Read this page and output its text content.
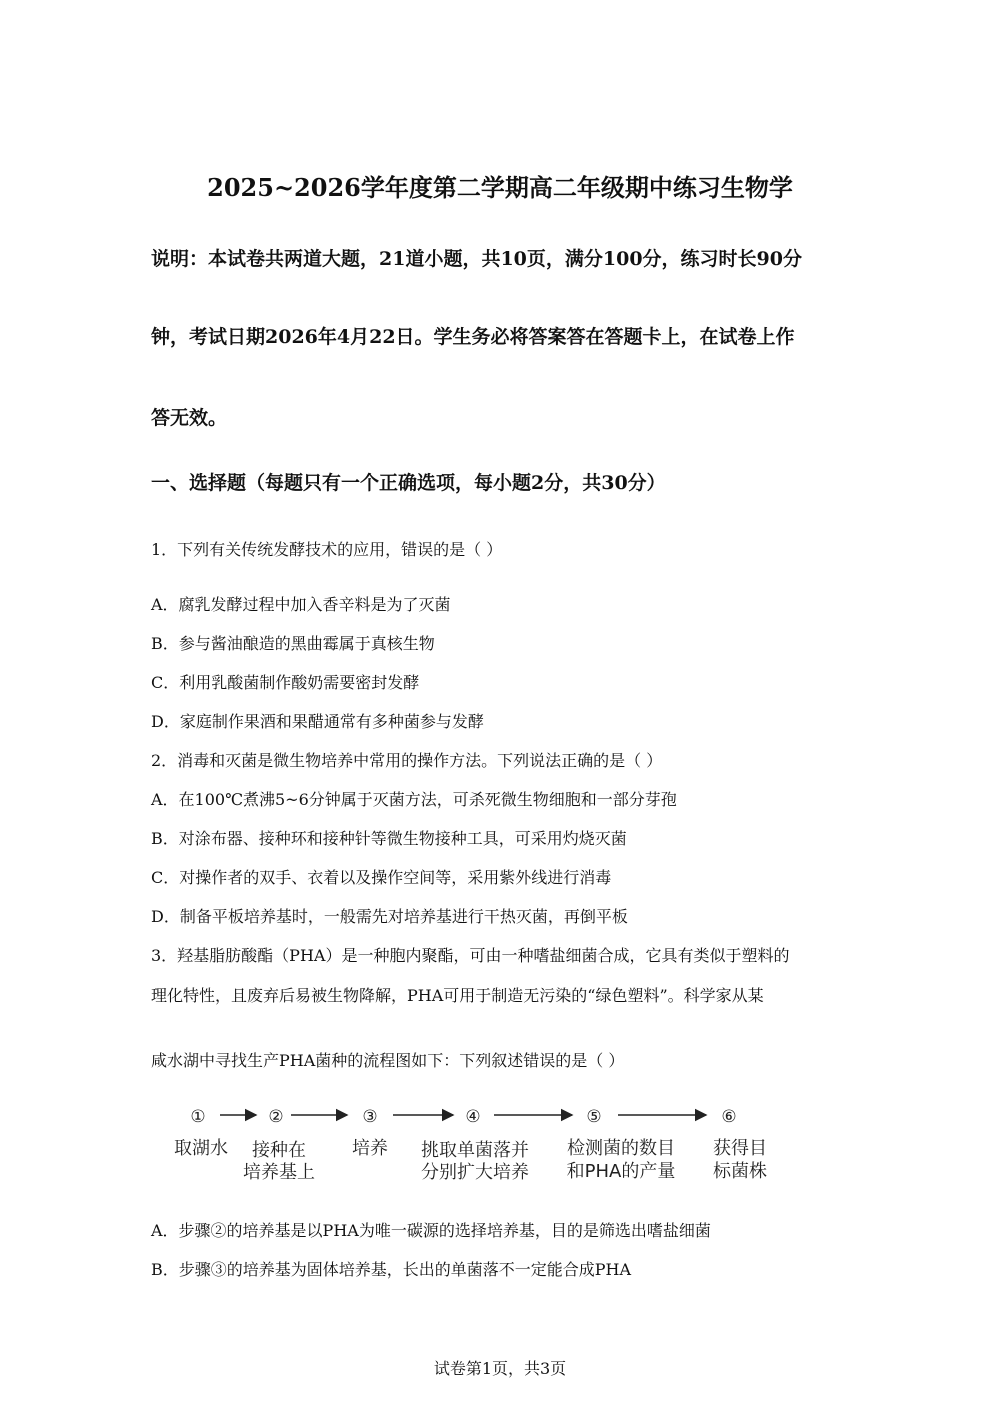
2025~2026学年度第二学期高二年级期中练习生物学
说明：本试卷共两道大题，21道小题，共10页，满分100分，练习时长90分
钟，考试日期2026年4月22日。学生务必将答案答在答题卡上，在试卷上作
答无效。
一、选择题（每题只有一个正确选项，每小题2分，共30分）
1．下列有关传统发酵技术的应用，错误的是（ ）
A．腐乳发酵过程中加入香辛料是为了灭菌
B．参与酱油酿造的黑曲霉属于真核生物
C．利用乳酸菌制作酸奶需要密封发酵
D．家庭制作果酒和果醋通常有多种菌参与发酵
2．消毒和灭菌是微生物培养中常用的操作方法。下列说法正确的是（ ）
A．在100℃煮沸5~6分钟属于灭菌方法，可杀死微生物细胞和一部分芽孢
B．对涂布器、接种环和接种针等微生物接种工具，可采用灼烧灭菌
C．对操作者的双手、衣着以及操作空间等，采用紫外线进行消毒
D．制备平板培养基时，一般需先对培养基进行干热灭菌，再倒平板
3．羟基脂肪酸酯（PHA）是一种胞内聚酯，可由一种嗜盐细菌合成，它具有类似于塑料的
理化特性，且废弃后易被生物降解，PHA可用于制造无污染的“绿色塑料”。科学家从某
咸水湖中寻找生产PHA菌种的流程图如下：下列叙述错误的是（ ）
①	②	③	④	⑤	⑥
取湖水 接种在
培养基上
培养 挑取单菌落并
分别扩大培养
检测菌的数目
和PHA的产量
获得目
标菌株
A．步骤②的培养基是以PHA为唯一碳源的选择培养基，目的是筛选出嗜盐细菌
B．步骤③的培养基为固体培养基，长出的单菌落不一定能合成PHA
试卷第1页，共3页
